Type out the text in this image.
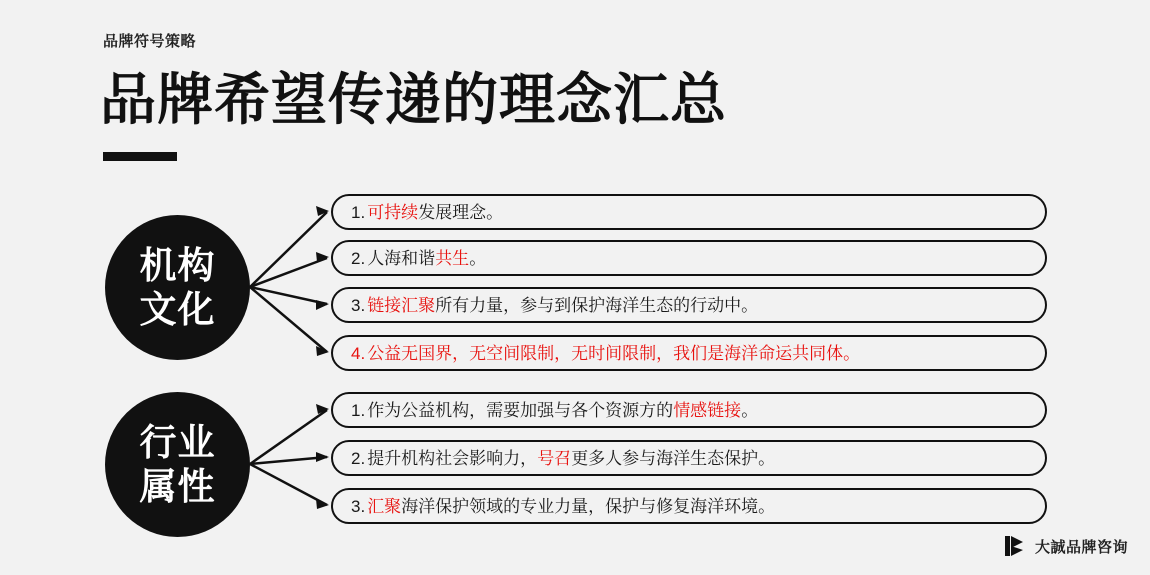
品牌符号策略
品牌希望传递的理念汇总
机构
文化
1. 可持续 发展理念。
2. 人海和谐 共生 。
3. 链接汇聚 所有力量，参与到保护海洋生态的行动中。
4. 公益无国界，无空间限制，无时间限制，我们是海洋命运共同体。
行业
属性
1. 作为公益机构，需要加强与各个资源方的 情感链接 。
2. 提升机构社会影响力， 号召 更多人参与海洋生态保护。
3. 汇聚 海洋保护领域的专业力量，保护与修复海洋环境。
大誠品牌咨询
